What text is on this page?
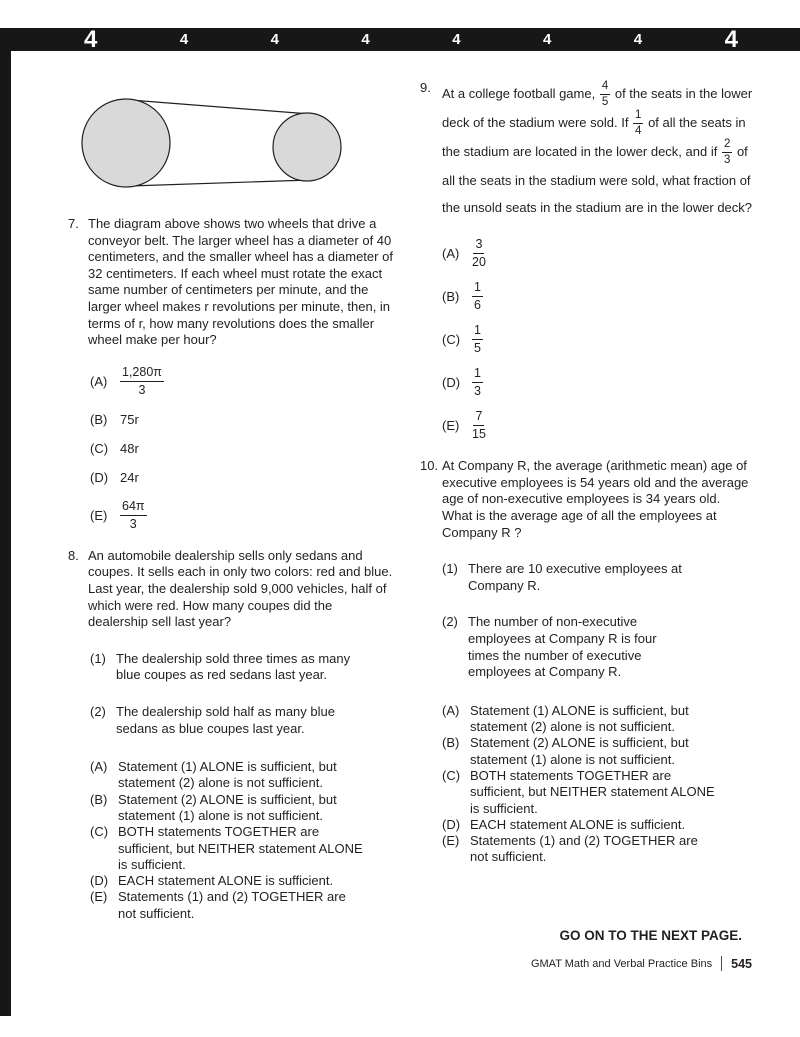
4	4	4	4	4	4	4	4
7. The diagram above shows two wheels that drive a conveyor belt. The larger wheel has a diameter of 40 centimeters, and the smaller wheel has a diameter of 32 centimeters. If each wheel must rotate the exact same number of centimeters per minute, and the larger wheel makes r revolutions per minute, then, in terms of r, how many revolutions does the smaller wheel make per hour?
(A)	$\frac{1,280\pi}{3}$
(B) 75r
(C) 48r
(D) 24r
(E)	$\frac{64\pi}{3}$
8. An automobile dealership sells only sedans and coupes. It sells each in only two colors: red and blue. Last year, the dealership sold 9,000 vehicles, half of which were red. How many coupes did the dealership sell last year?
(1) The dealership sold three times as many blue coupes as red sedans last year.
(2) The dealership sold half as many blue sedans as blue coupes last year.
(A) Statement (1) ALONE is sufficient, but statement (2) alone is not sufficient.
(B) Statement (2) ALONE is sufficient, but statement (1) alone is not sufficient.
(C) BOTH statements TOGETHER are sufficient, but NEITHER statement ALONE is sufficient.
(D) EACH statement ALONE is sufficient.
(E) Statements (1) and (2) TOGETHER are not sufficient.
9. At a college football game, $\frac{4}{5}$ of the seats in the lower deck of the stadium were sold. If $\frac{1}{4}$ of all the seats in the stadium are located in the lower deck, and if $\frac{2}{3}$ of all the seats in the stadium were sold, what fraction of the unsold seats in the stadium are in the lower deck?
(A)	$\frac{3}{20}$
(B)	$\frac{1}{6}$
$(C) \frac{1}{5}$
$(D) \frac{1}{3}$
(E)	$\frac{7}{15}$
10. At Company R, the average (arithmetic mean) age of executive employees is 54 years old and the average age of non-executive employees is 34 years old. What is the average age of all the employees at Company R ?
(1) There are 10 executive employees at Company R.
(2) The number of non-executive employees at Company R is four times the number of executive employees at Company R.
(A) Statement (1) ALONE is sufficient, but statement (2) alone is not sufficient.
(B) Statement (2) ALONE is sufficient, but statement (1) alone is not sufficient.
(C) BOTH statements TOGETHER are sufficient, but NEITHER statement ALONE is sufficient.
(D) EACH statement ALONE is sufficient.
(E) Statements (1) and (2) TOGETHER are not sufficient.
GO ON TO THE NEXT PAGE.
GMAT Math and Verbal Practice Bins 545
